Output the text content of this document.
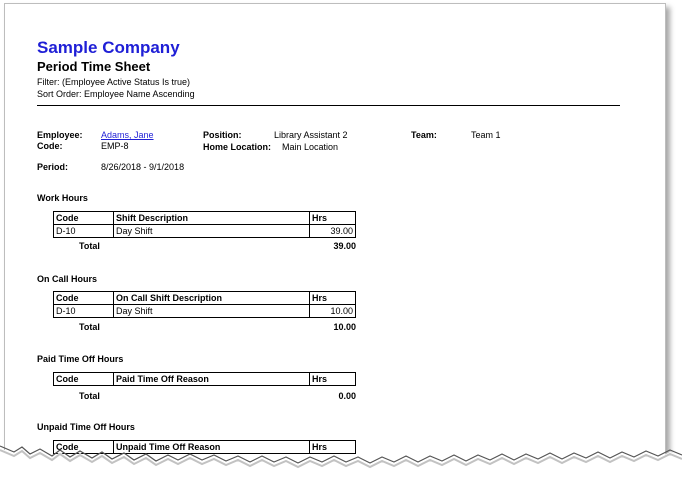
Sample Company
Period Time Sheet
Filter: (Employee Active Status Is true)
Sort Order: Employee Name Ascending
Employee: Adams, Jane
Code:	EMP-8
Position:	Library Assistant 2
Home Location: Main Location
Team:	Team 1
Period:	8/26/2018 - 9/1/2018
Work Hours
Code	Shift Description	Hrs
D-10	Day Shift	39.00
Total	39.00
On Call Hours
Code	On Call Shift Description	Hrs
D-10	Day Shift	10.00
Total	10.00
Paid Time Off Hours
Code	Paid Time Off Reason	Hrs
Total	0.00
Unpaid Time Off Hours
Code	Unpaid Time Off Reason	Hrs
